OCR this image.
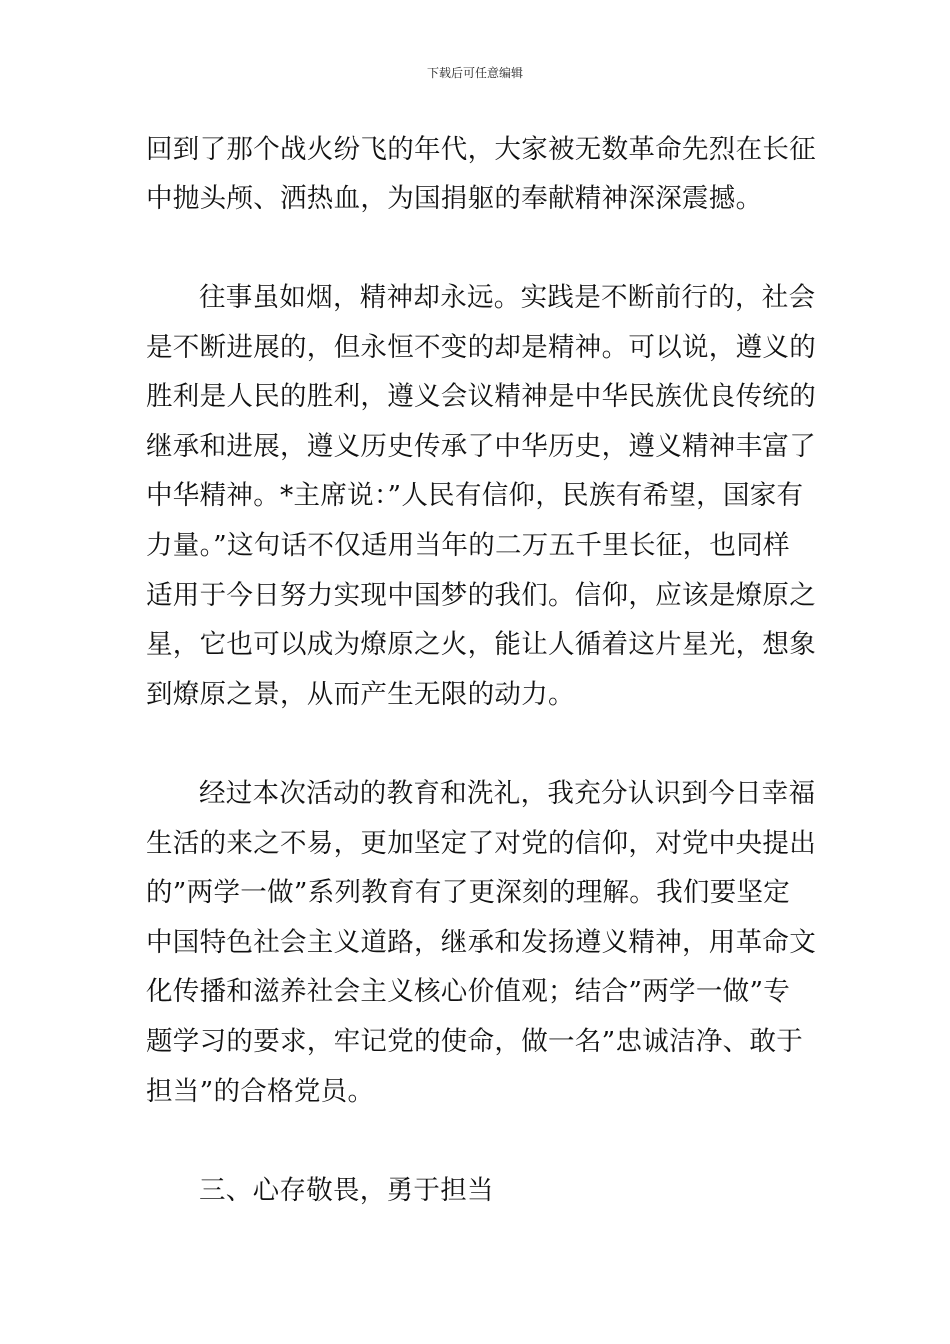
下载后可任意编辑
回到了那个战火纷飞的年代，大家被无数革命先烈在长征
中抛头颅、洒热血，为国捐躯的奉献精神深深震撼。
往事虽如烟，精神却永远。实践是不断前行的，社会
是不断进展的，但永恒不变的却是精神。可以说，遵义的
胜利是人民的胜利，遵义会议精神是中华民族优良传统的
继承和进展，遵义历史传承了中华历史，遵义精神丰富了
中华精神。*主席说：”人民有信仰，民族有希望，国家有
力量。”这句话不仅适用当年的二万五千里长征，也同样
适用于今日努力实现中国梦的我们。信仰，应该是燎原之
星，它也可以成为燎原之火，能让人循着这片星光，想象
到燎原之景，从而产生无限的动力。
经过本次活动的教育和洗礼，我充分认识到今日幸福
生活的来之不易，更加坚定了对党的信仰，对党中央提出
的”两学一做”系列教育有了更深刻的理解。我们要坚定
中国特色社会主义道路，继承和发扬遵义精神，用革命文
化传播和滋养社会主义核心价值观；结合”两学一做”专
题学习的要求，牢记党的使命，做一名”忠诚洁净、敢于
担当”的合格党员。
三、心存敬畏，勇于担当
